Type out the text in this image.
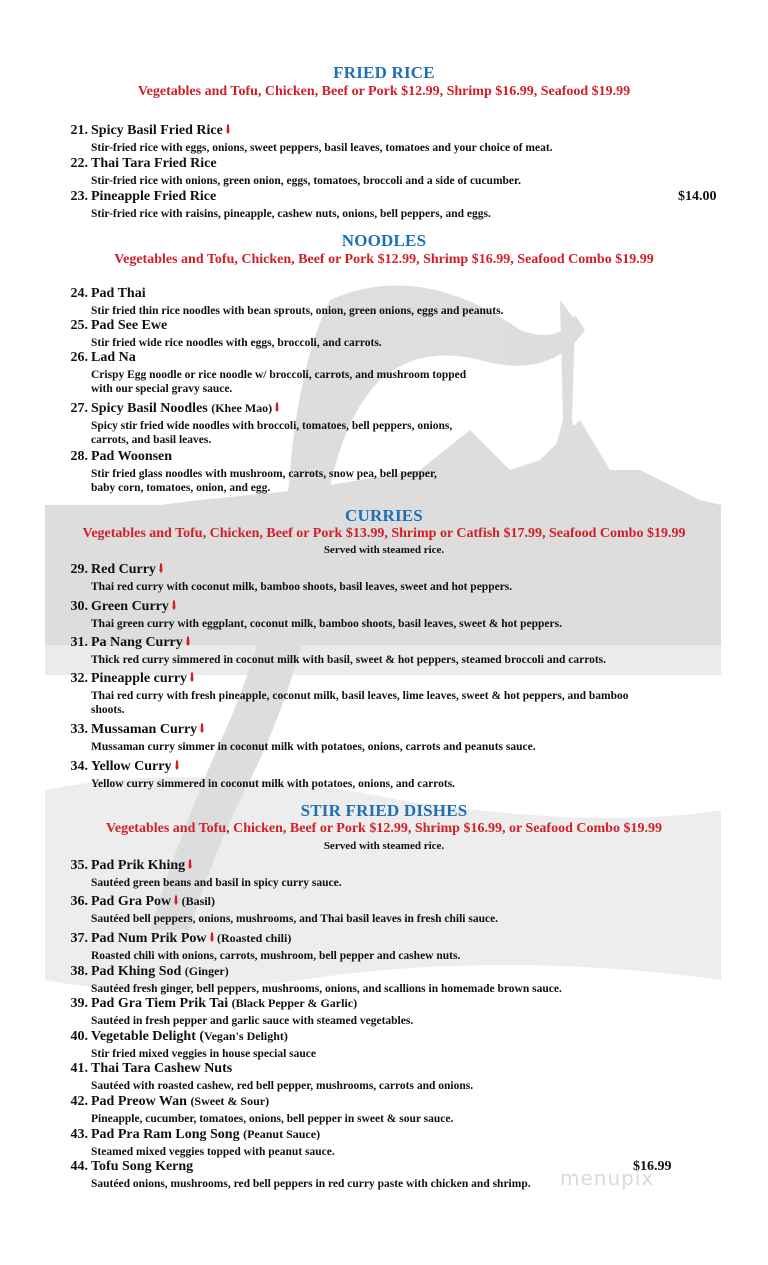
FRIED RICE
Vegetables and Tofu, Chicken, Beef or Pork $12.99, Shrimp $16.99, Seafood $19.99
21. Spicy Basil Fried Rice
Stir-fried rice with eggs, onions, sweet peppers, basil leaves, tomatoes and your choice of meat.
22. Thai Tara Fried Rice
Stir-fried rice with onions, green onion, eggs, tomatoes, broccoli and a side of cucumber.
23. Pineapple Fried Rice	$14.00
Stir-fried rice with raisins, pineapple, cashew nuts, onions, bell peppers, and eggs.
NOODLES
Vegetables and Tofu, Chicken, Beef or Pork $12.99, Shrimp $16.99, Seafood Combo $19.99
24. Pad Thai
Stir fried thin rice noodles with bean sprouts, onion, green onions, eggs and peanuts.
25. Pad See Ewe
Stir fried wide rice noodles with eggs, broccoli, and carrots.
26. Lad Na
Crispy Egg noodle or rice noodle w/ broccoli, carrots, and mushroom topped
with our special gravy sauce.
27. Spicy Basil Noodles (Khee Mao)
Spicy stir fried wide noodles with broccoli, tomatoes, bell peppers, onions,
carrots, and basil leaves.
28. Pad Woonsen
Stir fried glass noodles with mushroom, carrots, snow pea, bell pepper,
baby corn, tomatoes, onion, and egg.
CURRIES
Vegetables and Tofu, Chicken, Beef or Pork $13.99, Shrimp or Catfish $17.99, Seafood Combo $19.99
Served with steamed rice.
29. Red Curry
Thai red curry with coconut milk, bamboo shoots, basil leaves, sweet and hot peppers.
30. Green Curry
Thai green curry with eggplant, coconut milk, bamboo shoots, basil leaves, sweet & hot peppers.
31. Pa Nang Curry
Thick red curry simmered in coconut milk with basil, sweet & hot peppers, steamed broccoli and carrots.
32. Pineapple curry
Thai red curry with fresh pineapple, coconut milk, basil leaves, lime leaves, sweet & hot peppers, and bamboo
shoots.
33. Mussaman Curry
Mussaman curry simmer in coconut milk with potatoes, onions, carrots and peanuts sauce.
34. Yellow Curry
Yellow curry simmered in coconut milk with potatoes, onions, and carrots.
STIR FRIED DISHES
Vegetables and Tofu, Chicken, Beef or Pork $12.99, Shrimp $16.99, or Seafood Combo $19.99
Served with steamed rice.
35. Pad Prik Khing
Sautéed green beans and basil in spicy curry sauce.
36. Pad Gra Pow (Basil)
Sautéed bell peppers, onions, mushrooms, and Thai basil leaves in fresh chili sauce.
37. Pad Num Prik Pow (Roasted chili)
Roasted chili with onions, carrots, mushroom, bell pepper and cashew nuts.
38. Pad Khing Sod (Ginger)
Sautéed fresh ginger, bell peppers, mushrooms, onions, and scallions in homemade brown sauce.
39. Pad Gra Tiem Prik Tai (Black Pepper & Garlic)
Sautéed in fresh pepper and garlic sauce with steamed vegetables.
40. Vegetable Delight (Vegan's Delight)
Stir fried mixed veggies in house special sauce
41. Thai Tara Cashew Nuts
Sautéed with roasted cashew, red bell pepper, mushrooms, carrots and onions.
42. Pad Preow Wan (Sweet & Sour)
Pineapple, cucumber, tomatoes, onions, bell pepper in sweet & sour sauce.
43. Pad Pra Ram Long Song (Peanut Sauce)
Steamed mixed veggies topped with peanut sauce.
44. Tofu Song Kerng	$16.99
Sautéed onions, mushrooms, red bell peppers in red curry paste with chicken and shrimp.	menupix
